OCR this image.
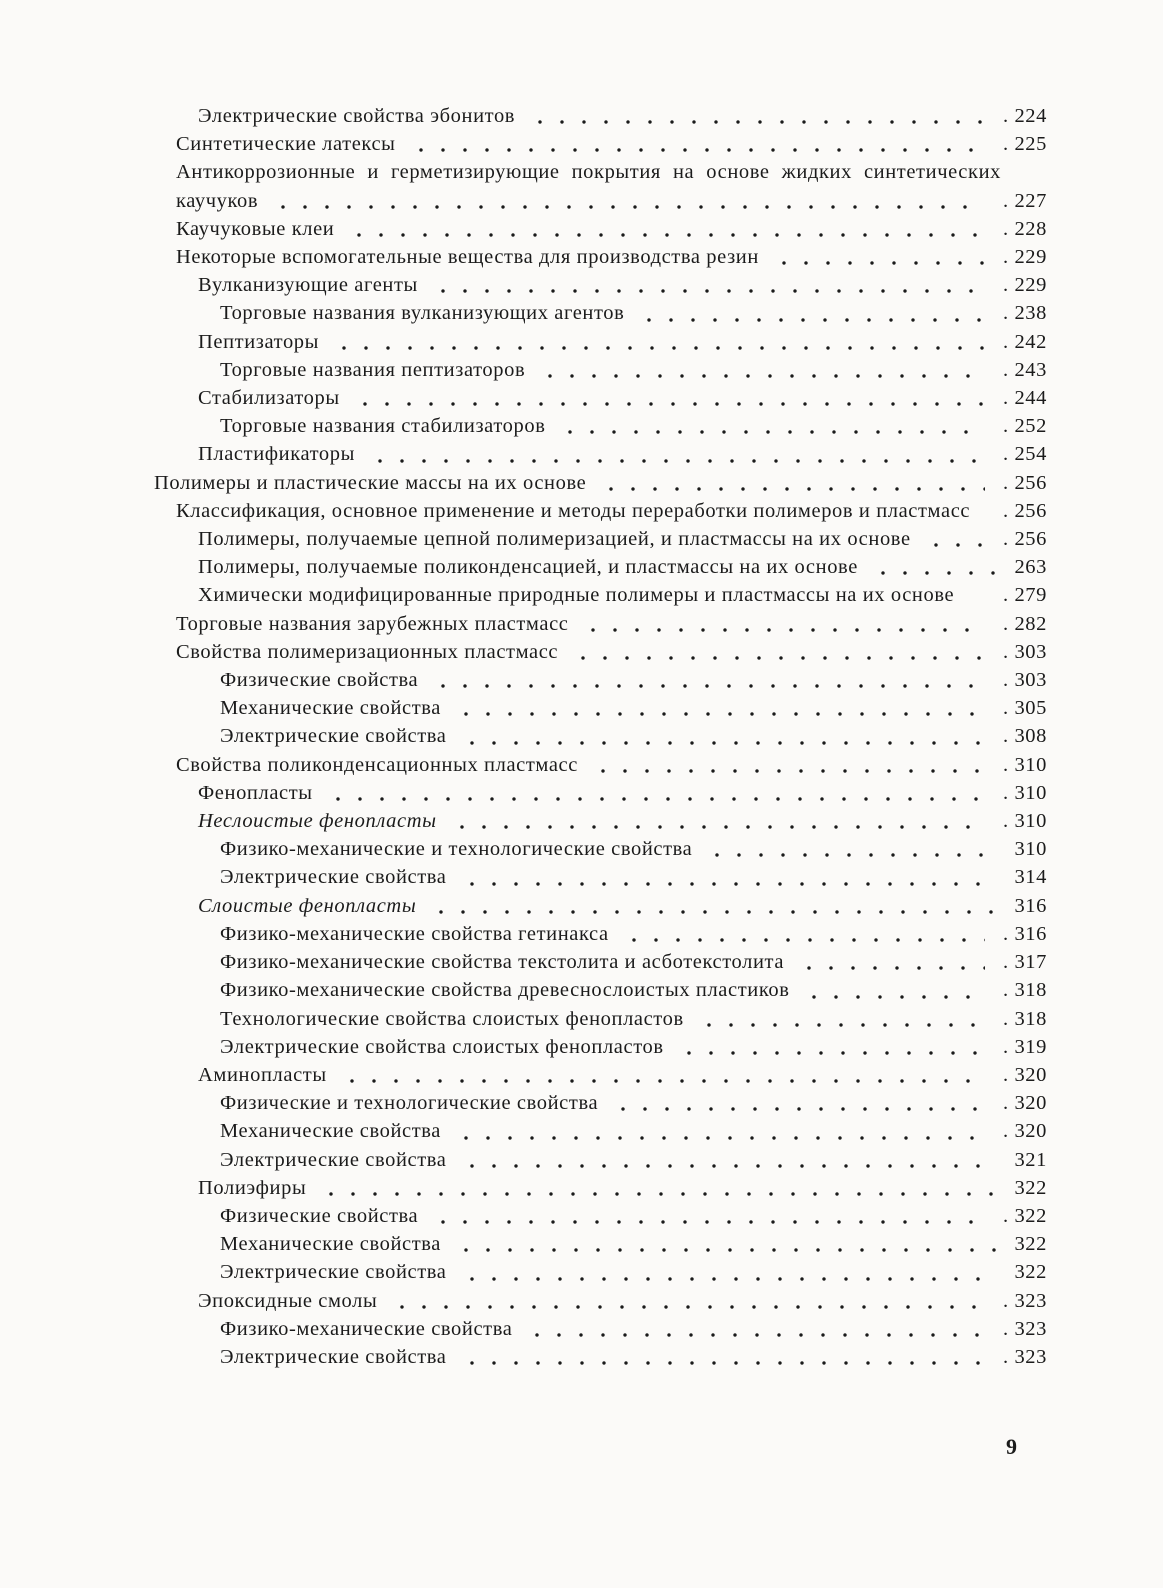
Электрические свойства эбонитов	. 224
Синтетические латексы	. 225
Антикоррозионные и герметизирующие покрытия на основе жидких синтетических каучуков	. 227
Каучуковые клеи	. 228
Некоторые вспомогательные вещества для производства резин	. 229
Вулканизующие агенты	. 229
Торговые названия вулканизующих агентов	. 238
Пептизаторы	. 242
Торговые названия пептизаторов	. 243
Стабилизаторы	. 244
Торговые названия стабилизаторов	. 252
Пластификаторы	. 254
Полимеры и пластические массы на их основе	. 256
Классификация, основное применение и методы переработки полимеров и пластмасс	. 256
Полимеры, получаемые цепной полимеризацией, и пластмассы на их основе	. 256
Полимеры, получаемые поликонденсацией, и пластмассы на их основе	263
Химически модифицированные природные полимеры и пластмассы на их основе	. 279
Торговые названия зарубежных пластмасс	. 282
Свойства полимеризационных пластмасс	. 303
Физические свойства	. 303
Механические свойства	. 305
Электрические свойства	. 308
Свойства поликонденсационных пластмасс	. 310
Фенопласты	. 310
Неслоистые фенопласты	. 310
Физико-механические и технологические свойства	310
Электрические свойства	314
Слоистые фенопласты	316
Физико-механические свойства гетинакса	. 316
Физико-механические свойства текстолита и асботекстолита	. 317
Физико-механические свойства древеснослоистых пластиков	. 318
Технологические свойства слоистых фенопластов	. 318
Электрические свойства слоистых фенопластов	. 319
Аминопласты	. 320
Физические и технологические свойства	. 320
Механические свойства	. 320
Электрические свойства	321
Полиэфиры	322
Физические свойства	. 322
Механические свойства	322
Электрические свойства	322
Эпоксидные смолы	. 323
Физико-механические свойства	. 323
Электрические свойства	. 323
9
